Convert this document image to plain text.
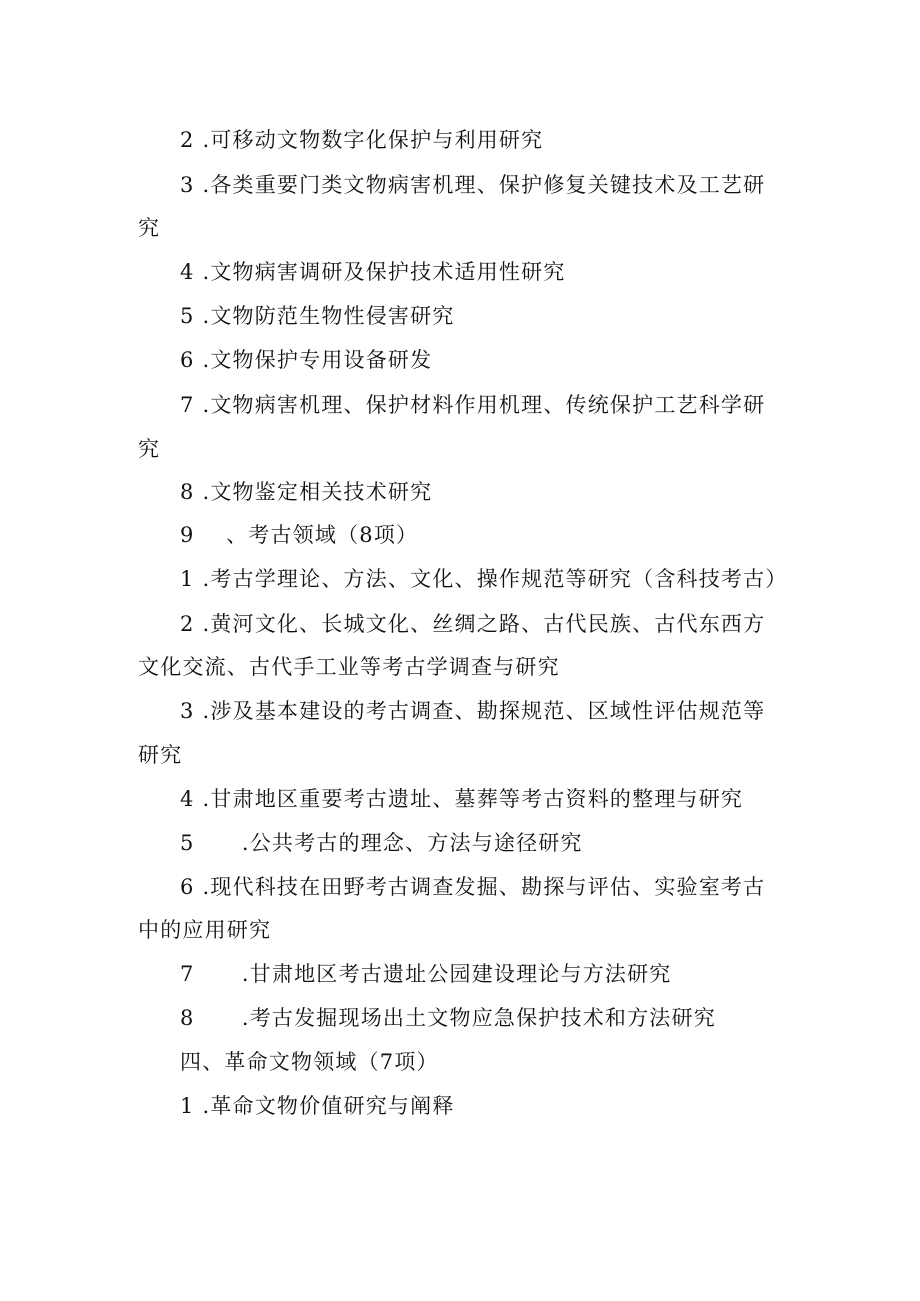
2 .可移动文物数字化保护与利用研究
3 .各类重要门类文物病害机理、保护修复关键技术及工艺研
究
4 .文物病害调研及保护技术适用性研究
5 .文物防范生物性侵害研究
6 .文物保护专用设备研发
7 .文物病害机理、保护材料作用机理、传统保护工艺科学研
究
8 .文物鉴定相关技术研究
9    、考古领域（8项）
1 .考古学理论、方法、文化、操作规范等研究（含科技考古）
2 .黄河文化、长城文化、丝绸之路、古代民族、古代东西方
文化交流、古代手工业等考古学调查与研究
3 .涉及基本建设的考古调查、勘探规范、区域性评估规范等
研究
4 .甘肃地区重要考古遗址、墓葬等考古资料的整理与研究
5      .公共考古的理念、方法与途径研究
6 .现代科技在田野考古调查发掘、勘探与评估、实验室考古
中的应用研究
7      .甘肃地区考古遗址公园建设理论与方法研究
8      .考古发掘现场出土文物应急保护技术和方法研究
四、革命文物领域（7项）
1 .革命文物价值研究与阐释
